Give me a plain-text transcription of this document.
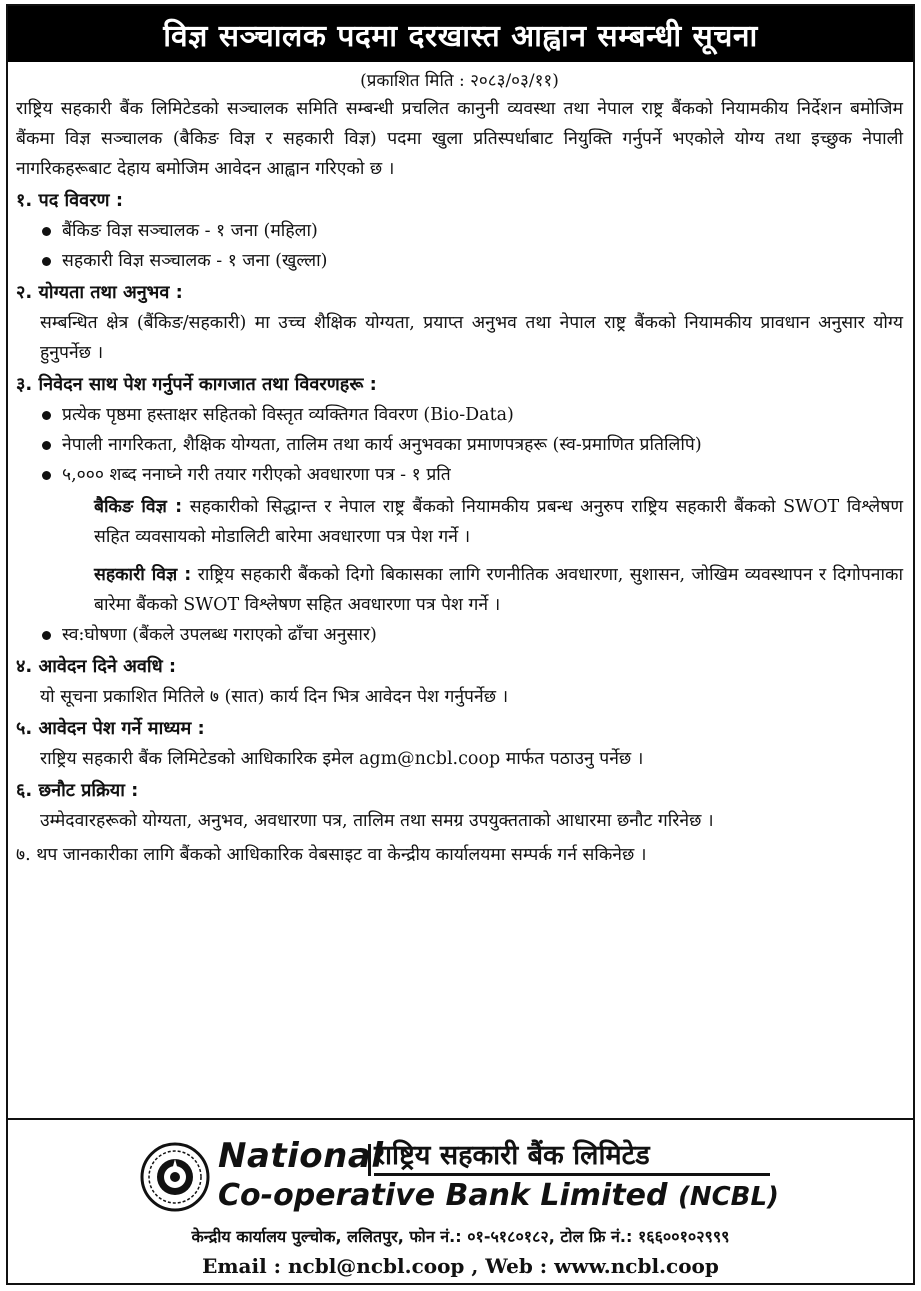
विज्ञ सञ्चालक पदमा दरखास्त आह्वान सम्बन्धी सूचना
(प्रकाशित मिति : २०८३/०३/११)

राष्ट्रिय सहकारी बैंक लिमिटेडको सञ्चालक समिति सम्बन्धी प्रचलित कानुनी व्यवस्था तथा नेपाल राष्ट्र बैंकको नियामकीय निर्देशन बमोजिम बैंकमा विज्ञ सञ्चालक (बैकिङ विज्ञ र सहकारी विज्ञ) पदमा खुला प्रतिस्पर्धाबाट नियुक्ति गर्नुपर्ने भएकोले योग्य तथा इच्छुक नेपाली नागरिकहरूबाट देहाय बमोजिम आवेदन आह्वान गरिएको छ ।

१. पद विवरण :
बैंकिङ विज्ञ सञ्चालक - १ जना (महिला)
सहकारी विज्ञ सञ्चालक - १ जना (खुल्ला)
२. योग्यता तथा अनुभव :

सम्बन्धित क्षेत्र (बैंकिङ/सहकारी) मा उच्च शैक्षिक योग्यता, प्रयाप्त अनुभव तथा नेपाल राष्ट्र बैंकको नियामकीय प्रावधान अनुसार योग्य हुनुपर्नेछ ।

३. निवेदन साथ पेश गर्नुपर्ने कागजात तथा विवरणहरू :
प्रत्येक पृष्ठमा हस्ताक्षर सहितको विस्तृत व्यक्तिगत विवरण (Bio-Data)
नेपाली नागरिकता, शैक्षिक योग्यता, तालिम तथा कार्य अनुभवका प्रमाणपत्रहरू (स्व-प्रमाणित प्रतिलिपि)
५,००० शब्द ननाघ्ने गरी तयार गरीएको अवधारणा पत्र - १ प्रति

बैकिङ विज्ञ : सहकारीको सिद्धान्त र नेपाल राष्ट्र बैंकको नियामकीय प्रबन्ध अनुरुप राष्ट्रिय सहकारी बैंकको SWOT विश्लेषण सहित व्यवसायको मोडालिटी बारेमा अवधारणा पत्र पेश गर्ने ।

सहकारी विज्ञ : राष्ट्रिय सहकारी बैंकको दिगो बिकासका लागि रणनीतिक अवधारणा, सुशासन, जोखिम व्यवस्थापन र दिगोपनाका बारेमा बैंकको SWOT विश्लेषण सहित अवधारणा पत्र पेश गर्ने ।

स्व:घोषणा (बैंकले उपलब्ध गराएको ढाँचा अनुसार)
४. आवेदन दिने अवधि :

यो सूचना प्रकाशित मितिले ७ (सात) कार्य दिन भित्र आवेदन पेश गर्नुपर्नेछ ।

५. आवेदन पेश गर्ने माध्यम :

राष्ट्रिय सहकारी बैंक लिमिटेडको आधिकारिक इमेल agm@ncbl.coop मार्फत पठाउनु पर्नेछ ।

६. छनौट प्रक्रिया :

उम्मेदवारहरूको योग्यता, अनुभव, अवधारणा पत्र, तालिम तथा समग्र उपयुक्तताको आधारमा छनौट गरिनेछ ।

७. थप जानकारीका लागि बैंकको आधिकारिक वेबसाइट वा केन्द्रीय कार्यालयमा सम्पर्क गर्न सकिनेछ ।

National
राष्ट्रिय सहकारी बैंक लिमिटेड
Co-operative Bank Limited (NCBL)
केन्द्रीय कार्यालय पुल्चोक, ललितपुर, फोन नं.: ०१-५१८०१८२, टोल फ्रि नं.: १६६००१०२९९९
Email : ncbl@ncbl.coop , Web : www.ncbl.coop
